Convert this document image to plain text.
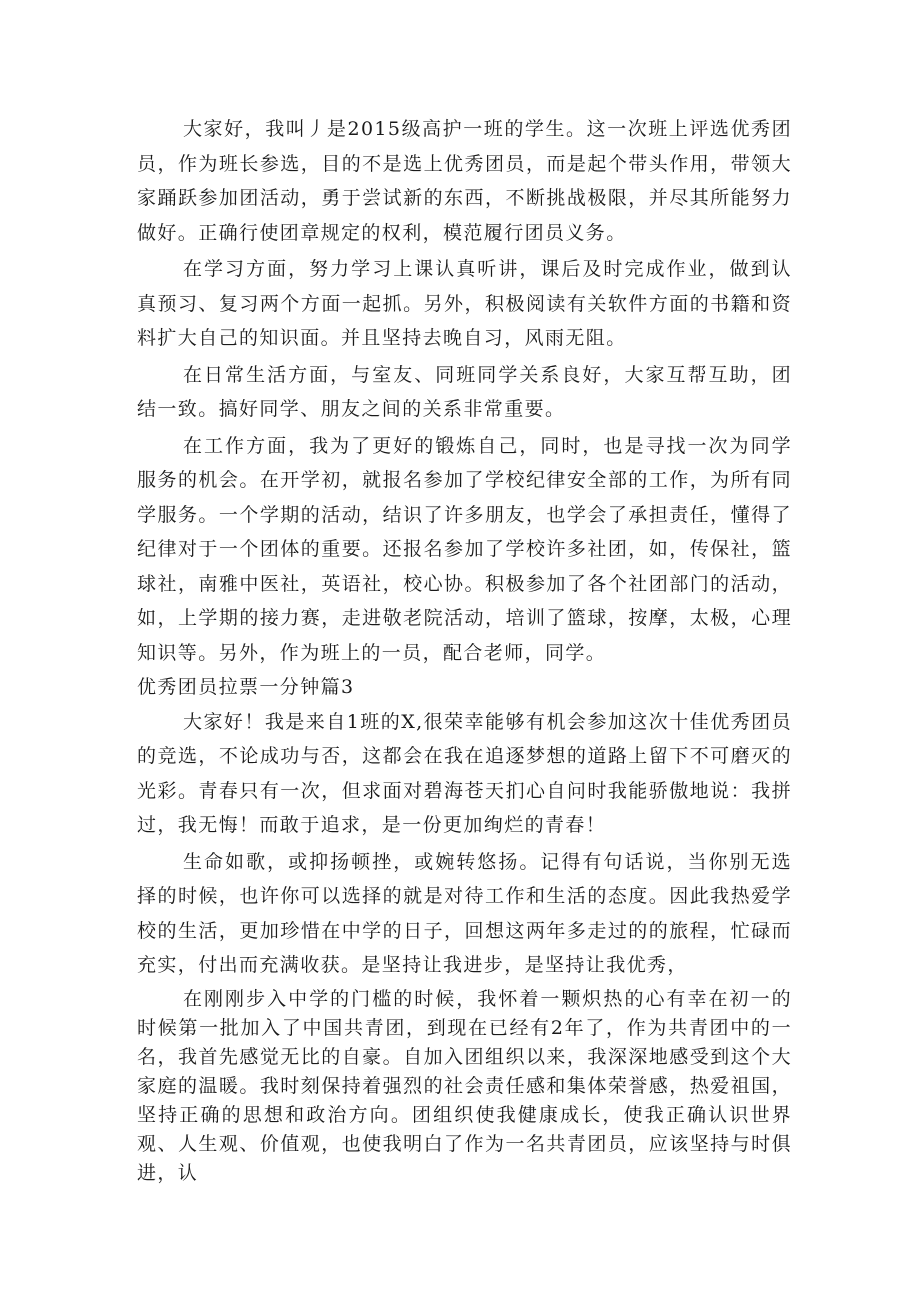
大家好，我叫丿是2015级高护一班的学生。这一次班上评选优秀团员，作为班长参选，目的不是选上优秀团员，而是起个带头作用，带领大家踊跃参加团活动，勇于尝试新的东西，不断挑战极限，并尽其所能努力做好。正确行使团章规定的权利，模范履行团员义务。

在学习方面，努力学习上课认真听讲，课后及时完成作业，做到认真预习、复习两个方面一起抓。另外，积极阅读有关软件方面的书籍和资料扩大自己的知识面。并且坚持去晚自习，风雨无阻。

在日常生活方面，与室友、同班同学关系良好，大家互帮互助，团结一致。搞好同学、朋友之间的关系非常重要。

在工作方面，我为了更好的锻炼自己，同时，也是寻找一次为同学服务的机会。在开学初，就报名参加了学校纪律安全部的工作，为所有同学服务。一个学期的活动，结识了许多朋友，也学会了承担责任，懂得了纪律对于一个团体的重要。还报名参加了学校许多社团，如，传保社，篮球社，南雅中医社，英语社，校心协。积极参加了各个社团部门的活动，如，上学期的接力赛，走进敬老院活动，培训了篮球，按摩，太极，心理知识等。另外，作为班上的一员，配合老师，同学。

优秀团员拉票一分钟篇3

大家好！我是来自1班的X,很荣幸能够有机会参加这次十佳优秀团员的竞选，不论成功与否，这都会在我在追逐梦想的道路上留下不可磨灭的光彩。青春只有一次，但求面对碧海苍天扪心自问时我能骄傲地说：我拼过，我无悔！而敢于追求，是一份更加绚烂的青春！

生命如歌，或抑扬顿挫，或婉转悠扬。记得有句话说，当你别无选择的时候，也许你可以选择的就是对待工作和生活的态度。因此我热爱学校的生活，更加珍惜在中学的日子，回想这两年多走过的的旅程，忙碌而充实，付出而充满收获。是坚持让我进步，是坚持让我优秀，

在刚刚步入中学的门槛的时候，我怀着一颗炽热的心有幸在初一的时候第一批加入了中国共青团，到现在已经有2年了，作为共青团中的一名，我首先感觉无比的自豪。自加入团组织以来，我深深地感受到这个大家庭的温暖。我时刻保持着强烈的社会责任感和集体荣誉感，热爱祖国，坚持正确的思想和政治方向。团组织使我健康成长，使我正确认识世界观、人生观、价值观，也使我明白了作为一名共青团员，应该坚持与时俱进，认
